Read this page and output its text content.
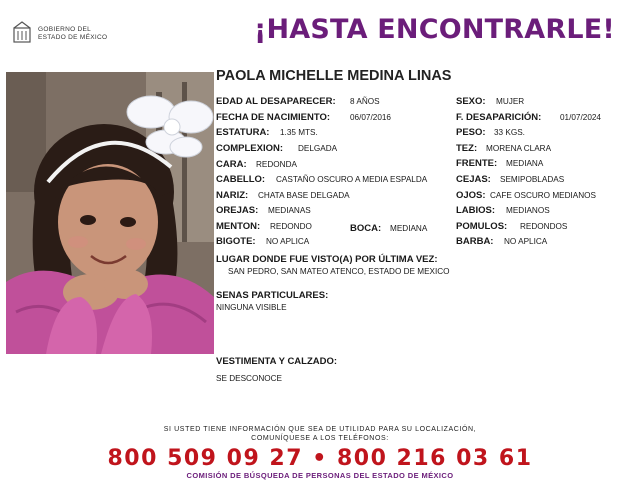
GOBIERNO DEL
ESTADO DE MÉXICO	¡HASTA ENCONTRARLE!
PAOLA MICHELLE MEDINA LINAS
EDAD AL DESAPARECER: 8 AÑOS
FECHA DE NACIMIENTO: 06/07/2016
ESTATURA: 1.35 MTS.
COMPLEXION: DELGADA
CARA: REDONDA
CABELLO: CASTAÑO OSCURO A MEDIA ESPALDA
NARIZ: CHATA BASE DELGADA
OREJAS: MEDIANAS
MENTON: REDONDO	BOCA: MEDIANA
BIGOTE: NO APLICA
SEXO: MUJER
F. DESAPARICIÓN: 01/07/2024
PESO: 33 KGS.
TEZ: MORENA CLARA
FRENTE: MEDIANA
CEJAS: SEMIPOBLADAS
OJOS: CAFE OSCURO MEDIANOS
LABIOS: MEDIANOS
POMULOS: REDONDOS
BARBA: NO APLICA
LUGAR DONDE FUE VISTO(A) POR ÚLTIMA VEZ:
SAN PEDRO, SAN MATEO ATENCO, ESTADO DE MEXICO
SENAS PARTICULARES:
NINGUNA VISIBLE
VESTIMENTA Y CALZADO:
SE DESCONOCE
SI USTED TIENE INFORMACIÓN QUE SEA DE UTILIDAD PARA SU LOCALIZACIÓN,
COMUNÍQUESE A LOS TELÉFONOS:
800 509 09 27 • 800 216 03 61
COMISIÓN DE BÚSQUEDA DE PERSONAS DEL ESTADO DE MÉXICO
